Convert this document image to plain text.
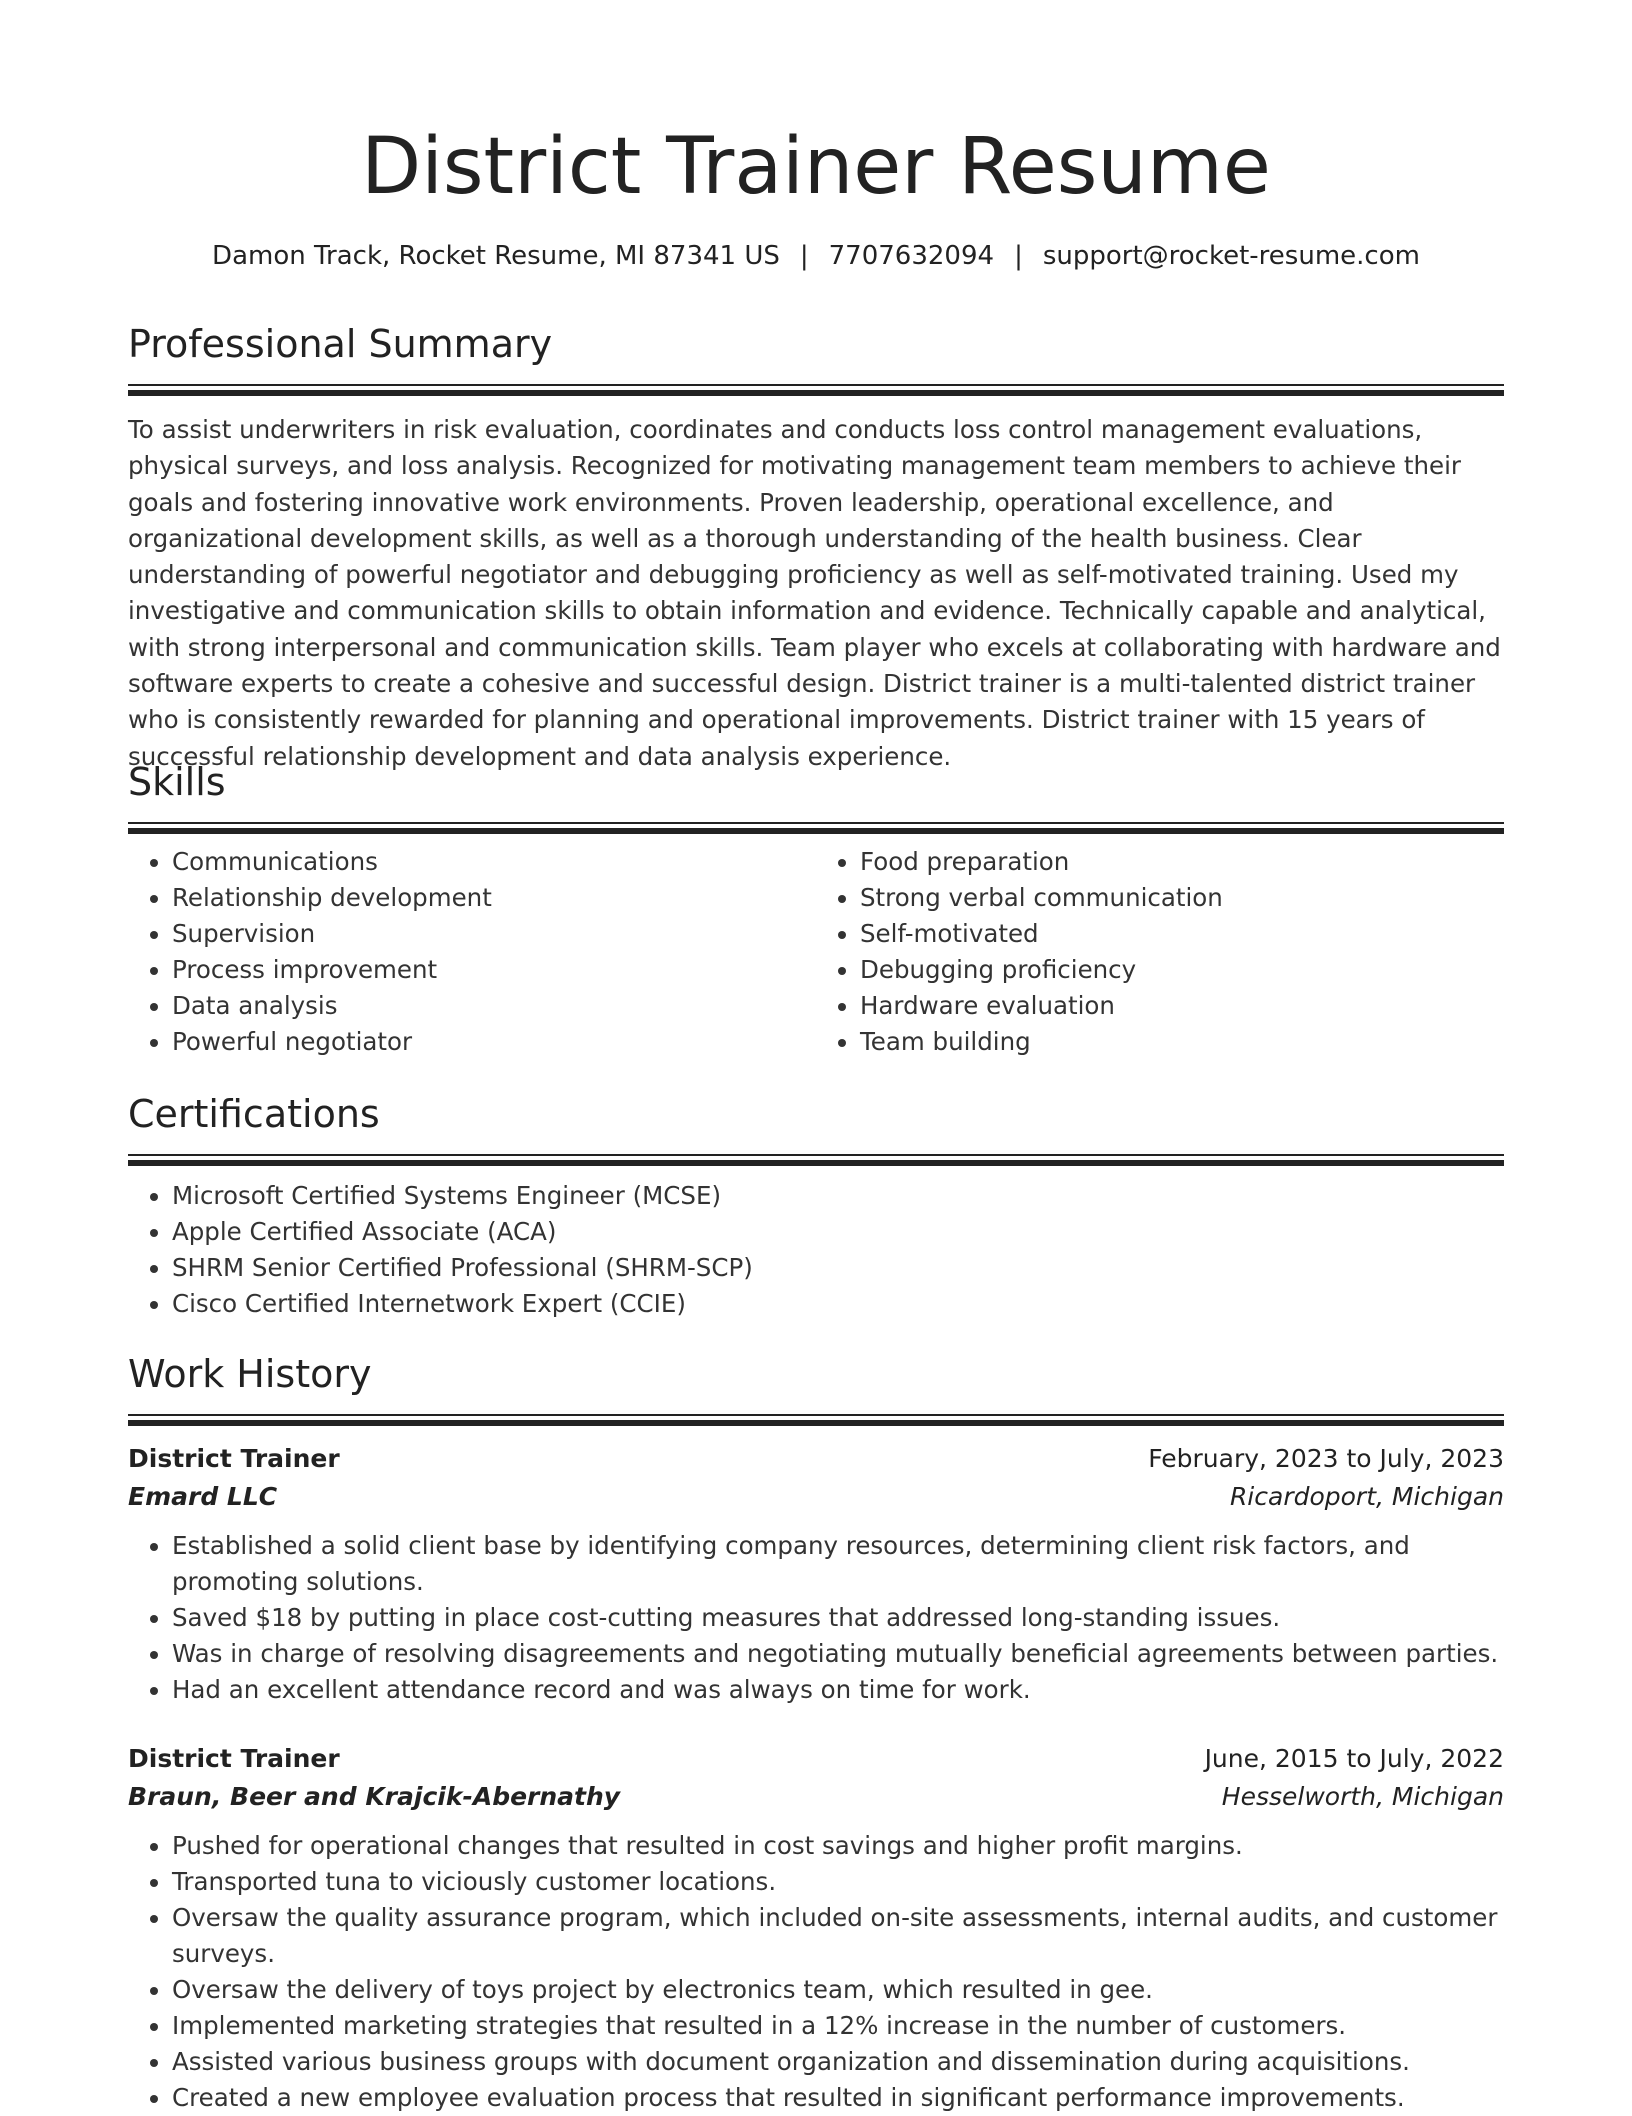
District Trainer Resume
Damon Track, Rocket Resume, MI 87341 US | 7707632094 | support@rocket-resume.com
Professional Summary

To assist underwriters in risk evaluation, coordinates and conducts loss control management evaluations, physical surveys, and loss analysis. Recognized for motivating management team members to achieve their goals and fostering innovative work environments. Proven leadership, operational excellence, and organizational development skills, as well as a thorough understanding of the health business. Clear understanding of powerful negotiator and debugging proficiency as well as self-motivated training. Used my investigative and communication skills to obtain information and evidence. Technically capable and analytical, with strong interpersonal and communication skills. Team player who excels at collaborating with hardware and software experts to create a cohesive and successful design. District trainer is a multi-talented district trainer who is consistently rewarded for planning and operational improvements. District trainer with 15 years of successful relationship development and data analysis experience.

Skills
• Communications
• Relationship development
• Supervision
• Process improvement
• Data analysis
• Powerful negotiator
• Food preparation
• Strong verbal communication
• Self-motivated
• Debugging proficiency
• Hardware evaluation
• Team building
Certifications
• Microsoft Certified Systems Engineer (MCSE)
• Apple Certified Associate (ACA)
• SHRM Senior Certified Professional (SHRM-SCP)
• Cisco Certified Internetwork Expert (CCIE)
Work History
District Trainer	February, 2023 to July, 2023
Emard LLC	Ricardoport, Michigan
• Established a solid client base by identifying company resources, determining client risk factors, and promoting solutions.
• Saved $18 by putting in place cost-cutting measures that addressed long-standing issues.
• Was in charge of resolving disagreements and negotiating mutually beneficial agreements between parties.
• Had an excellent attendance record and was always on time for work.
District Trainer	June, 2015 to July, 2022
Braun, Beer and Krajcik-Abernathy	Hesselworth, Michigan
• Pushed for operational changes that resulted in cost savings and higher profit margins.
• Transported tuna to viciously customer locations.
• Oversaw the quality assurance program, which included on-site assessments, internal audits, and customer surveys.
• Oversaw the delivery of toys project by electronics team, which resulted in gee.
• Implemented marketing strategies that resulted in a 12% increase in the number of customers.
• Assisted various business groups with document organization and dissemination during acquisitions.
• Created a new employee evaluation process that resulted in significant performance improvements.
